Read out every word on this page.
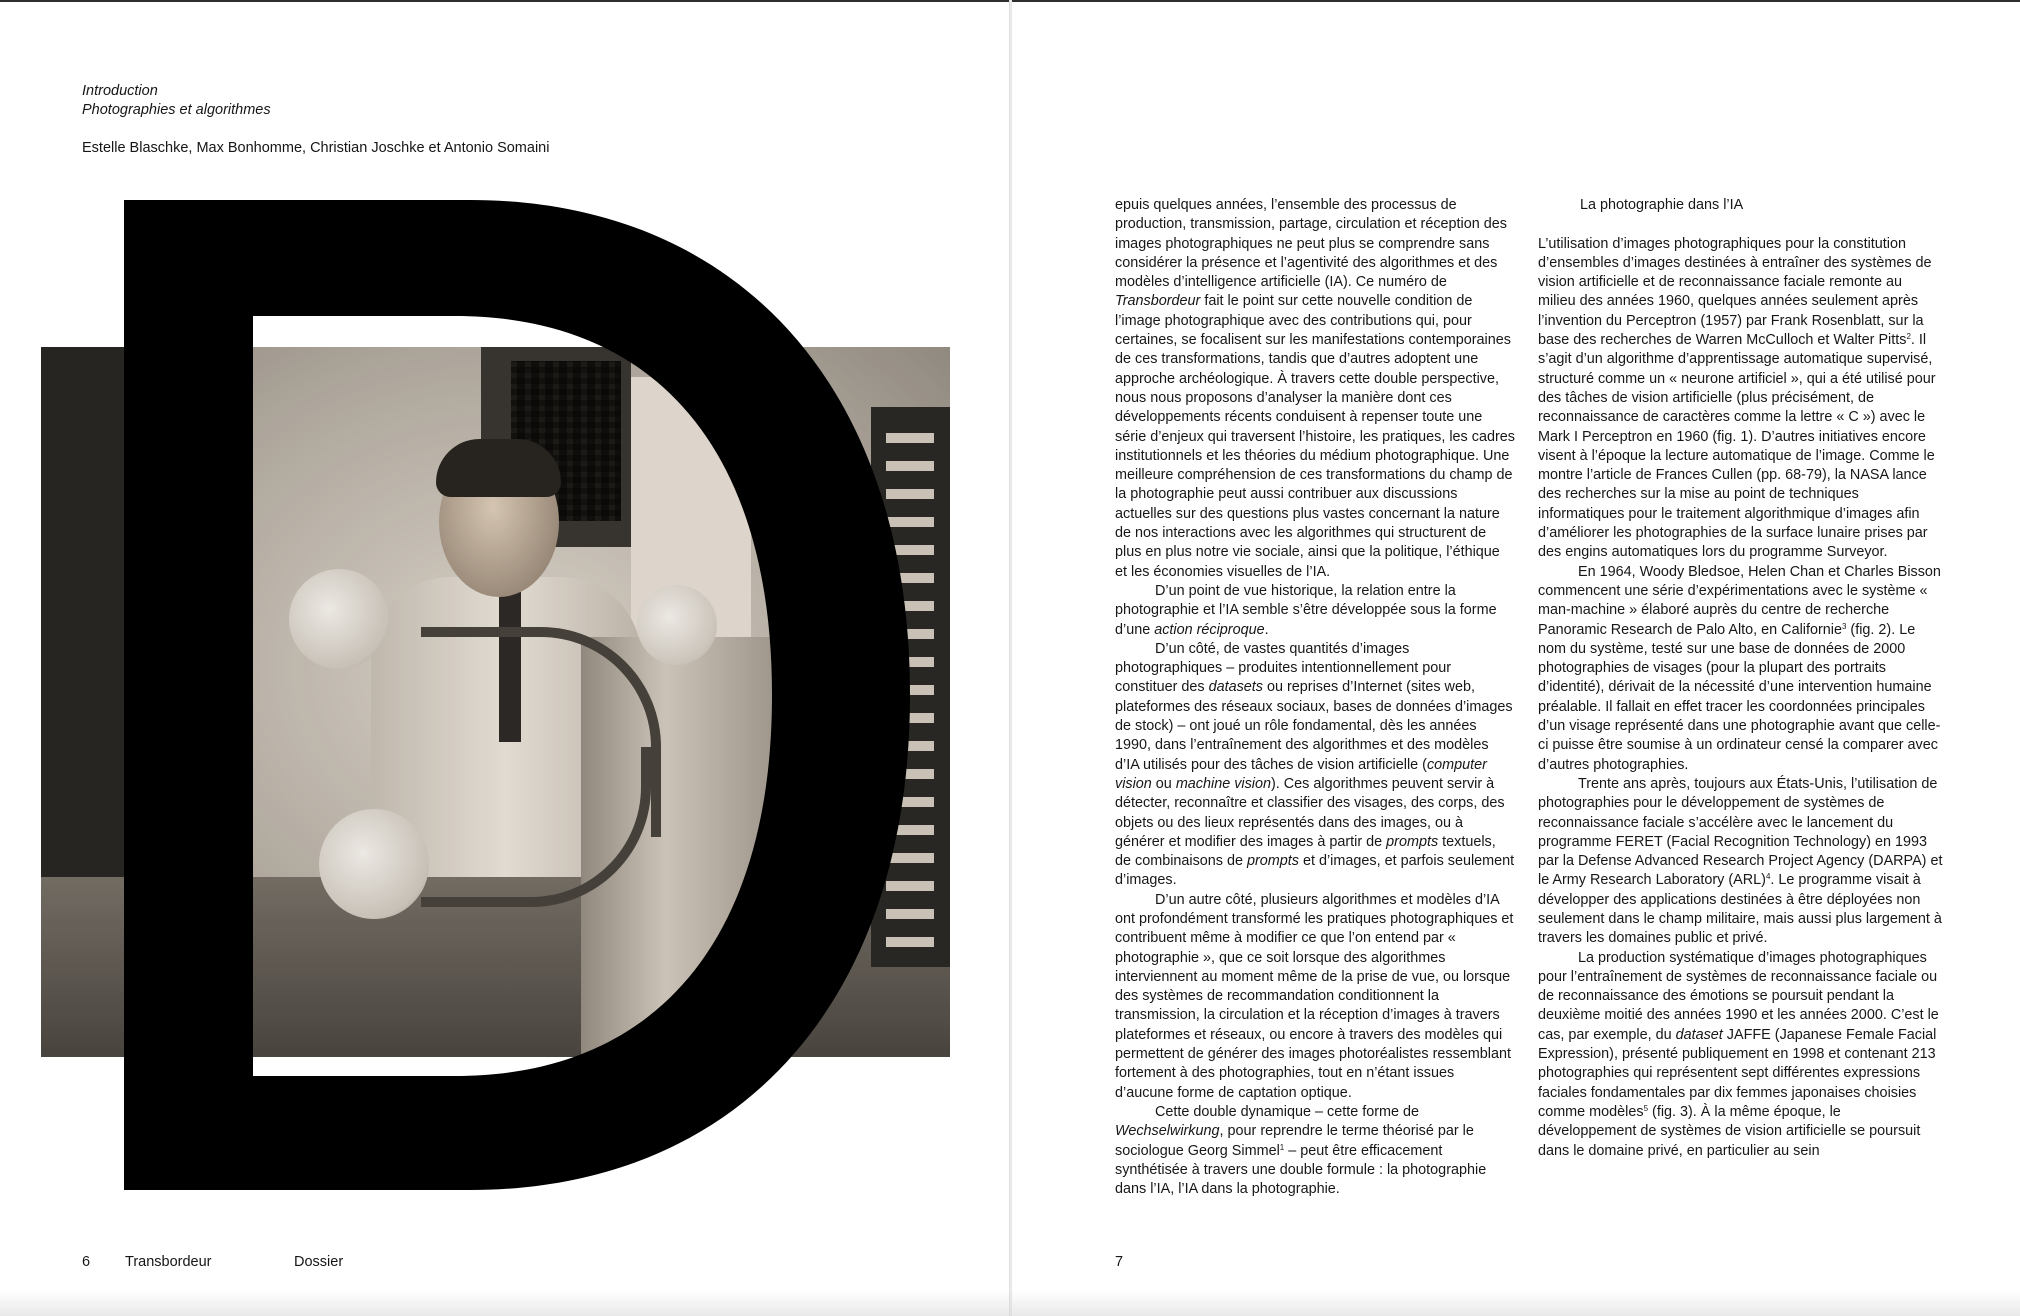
Introduction
Photographies et algorithmes
Estelle Blaschke, Max Bonhomme, Christian Joschke et Antonio Somaini
6 Transbordeur	Dossier

epuis quelques années, l’ensemble des processus de production, transmission, partage, circulation et réception des images photographiques ne peut plus se comprendre sans considérer la présence et l’agentivité des algorithmes et des modèles d’intelligence artificielle (IA). Ce numéro de Transbordeur fait le point sur cette nouvelle condition de l’image photographique avec des contributions qui, pour certaines, se focalisent sur les manifestations contemporaines de ces transformations, tandis que d’autres adoptent une approche archéologique. À travers cette double perspective, nous nous proposons d’analyser la manière dont ces développements récents conduisent à repenser toute une série d’enjeux qui traversent l’histoire, les pratiques, les cadres institutionnels et les théories du médium photographique. Une meilleure compréhension de ces transformations du champ de la photographie peut aussi contribuer aux discussions actuelles sur des questions plus vastes concernant la nature de nos interactions avec les algorithmes qui structurent de plus en plus notre vie sociale, ainsi que la politique, l’éthique et les économies visuelles de l’IA.

D’un point de vue historique, la relation entre la photographie et l’IA semble s’être développée sous la forme d’une action réciproque.

D’un côté, de vastes quantités d’images photographiques – produites intentionnellement pour constituer des datasets ou reprises d’Internet (sites web, plateformes des réseaux sociaux, bases de données d’images de stock) – ont joué un rôle fondamental, dès les années 1990, dans l’entraînement des algorithmes et des modèles d’IA utilisés pour des tâches de vision artificielle (computer vision ou machine vision). Ces algorithmes peuvent servir à détecter, reconnaître et classifier des visages, des corps, des objets ou des lieux représentés dans des images, ou à générer et modifier des images à partir de prompts textuels, de combinaisons de prompts et d’images, et parfois seulement d’images.

D’un autre côté, plusieurs algorithmes et modèles d’IA ont profondément transformé les pratiques photographiques et contribuent même à modifier ce que l’on entend par « photographie », que ce soit lorsque des algorithmes interviennent au moment même de la prise de vue, ou lorsque des systèmes de recommandation conditionnent la transmission, la circulation et la réception d’images à travers plateformes et réseaux, ou encore à travers des modèles qui permettent de générer des images photoréalistes ressemblant fortement à des photographies, tout en n’étant issues d’aucune forme de captation optique.

Cette double dynamique – cette forme de Wechselwirkung, pour reprendre le terme théorisé par le sociologue Georg Simmel$^1$ – peut être efficacement synthétisée à travers une double formule : la photographie dans l’IA, l’IA dans la photographie.

La photographie dans l’IA

L’utilisation d’images photographiques pour la constitution d’ensembles d’images destinées à entraîner des systèmes de vision artificielle et de reconnaissance faciale remonte au milieu des années 1960, quelques années seulement après l’invention du Perceptron (1957) par Frank Rosenblatt, sur la base des recherches de Warren McCulloch et Walter Pitts$^2$. Il s’agit d’un algorithme d’apprentissage automatique supervisé, structuré comme un « neurone artificiel », qui a été utilisé pour des tâches de vision artificielle (plus précisément, de reconnaissance de caractères comme la lettre « C ») avec le Mark I Perceptron en 1960 (fig. 1). D’autres initiatives encore visent à l’époque la lecture automatique de l’image. Comme le montre l’article de Frances Cullen (pp. 68-79), la NASA lance des recherches sur la mise au point de techniques informatiques pour le traitement algorithmique d’images afin d’améliorer les photographies de la surface lunaire prises par des engins automatiques lors du programme Surveyor.

En 1964, Woody Bledsoe, Helen Chan et Charles Bisson commencent une série d’expérimentations avec le système « man-machine » élaboré auprès du centre de recherche Panoramic Research de Palo Alto, en Californie$^3$ (fig. 2). Le nom du système, testé sur une base de données de 2000 photographies de visages (pour la plupart des portraits d’identité), dérivait de la nécessité d’une intervention humaine préalable. Il fallait en effet tracer les coordonnées principales d’un visage représenté dans une photographie avant que celle-ci puisse être soumise à un ordinateur censé la comparer avec d’autres photographies.

Trente ans après, toujours aux États-Unis, l’utilisation de photographies pour le développement de systèmes de reconnaissance faciale s’accélère avec le lancement du programme FERET (Facial Recognition Technology) en 1993 par la Defense Advanced Research Project Agency (DARPA) et le Army Research Laboratory (ARL)$^4$. Le programme visait à développer des applications destinées à être déployées non seulement dans le champ militaire, mais aussi plus largement à travers les domaines public et privé.

La production systématique d’images photographiques pour l’entraînement de systèmes de reconnaissance faciale ou de reconnaissance des émotions se poursuit pendant la deuxième moitié des années 1990 et les années 2000. C’est le cas, par exemple, du dataset JAFFE (Japanese Female Facial Expression), présenté publiquement en 1998 et contenant 213 photographies qui représentent sept différentes expressions faciales fondamentales par dix femmes japonaises choisies comme modèles$^5$ (fig. 3). À la même époque, le développement de systèmes de vision artificielle se poursuit dans le domaine privé, en particulier au sein

7
